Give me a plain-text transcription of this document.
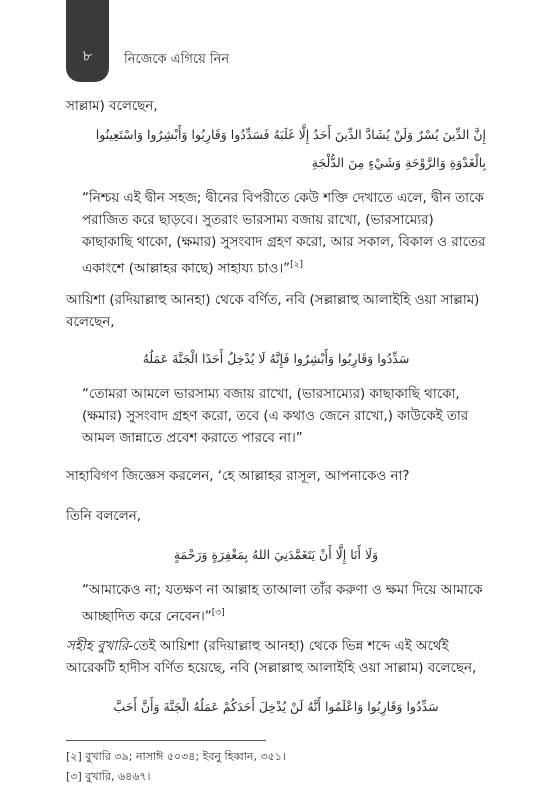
৮	নিজেকে এগিয়ে নিন

সাল্লাম) বলেছেন,

إِنَّ الدِّينَ يُسْرٌ وَلَنْ يُشَادَّ الدِّينَ أَحَدٌ إِلَّا غَلَبَهُ فَسَدِّدُوا وَقَارِبُوا وَأَبْشِرُوا وَاسْتَعِينُوا

بِالْغَدْوَةِ وَالرَّوْحَةِ وَشَيْءٍ مِنَ الدُّلْجَةِ

“নিশ্চয় এই দ্বীন সহজ; দ্বীনের বিপরীতে কেউ শক্তি দেখাতে এলে, দ্বীন তাকে পরাজিত করে ছাড়বে। সুতরাং ভারসাম্য বজায় রাখো, (ভারসাম্যের) কাছাকাছি থাকো, (ক্ষমার) সুসংবাদ গ্রহণ করো, আর সকাল, বিকাল ও রাতের একাংশে (আল্লাহর কাছে) সাহায্য চাও।”[২]

আয়িশা (রদিয়াল্লাহু আনহা) থেকে বর্ণিত, নবি (সল্লাল্লাহু আলাইহি ওয়া সাল্লাম) বলেছেন,

سَدِّدُوا وَقَارِبُوا وَأَبْشِرُوا فَإِنَّهُ لَا يُدْخِلُ أَحَدًا الْجَنَّةَ عَمَلُهُ

“তোমরা আমলে ভারসাম্য বজায় রাখো, (ভারসাম্যের) কাছাকাছি থাকো, (ক্ষমার) সুসংবাদ গ্রহণ করো, তবে (এ কথাও জেনে রাখো,) কাউকেই তার আমল জান্নাতে প্রবেশ করাতে পারবে না।”

সাহাবিগণ জিজ্ঞেস করলেন, ‘হে আল্লাহর রাসূল, আপনাকেও না?

তিনি বললেন,

وَلَا أَنَا إِلَّا أَنْ يَتَغَمَّدَنِيَ اللهُ بِمَغْفِرَةٍ وَرَحْمَةٍ

“আমাকেও না; যতক্ষণ না আল্লাহ তাআলা তাঁর করুণা ও ক্ষমা দিয়ে আমাকে আচ্ছাদিত করে নেবেন।”[৩]

সহীহ বুখারি-তেই আয়িশা (রদিয়াল্লাহু আনহা) থেকে ভিন্ন শব্দে এই অর্থেই আরেকটি হাদীস বর্ণিত হয়েছে, নবি (সল্লাল্লাহু আলাইহি ওয়া সাল্লাম) বলেছেন,

سَدِّدُوا وَقَارِبُوا وَاعْلَمُوا أَنَّهُ لَنْ يُدْخِلَ أَحَدَكُمْ عَمَلُهُ الْجَنَّةَ وَأَنَّ أَحَبَّ

[২] বুখারি ৩৯; নাসাঈ ৫০৩৪; ইবনু হিব্বান, ৩৫১।
[৩] বুখারি, ৬৪৬৭।
